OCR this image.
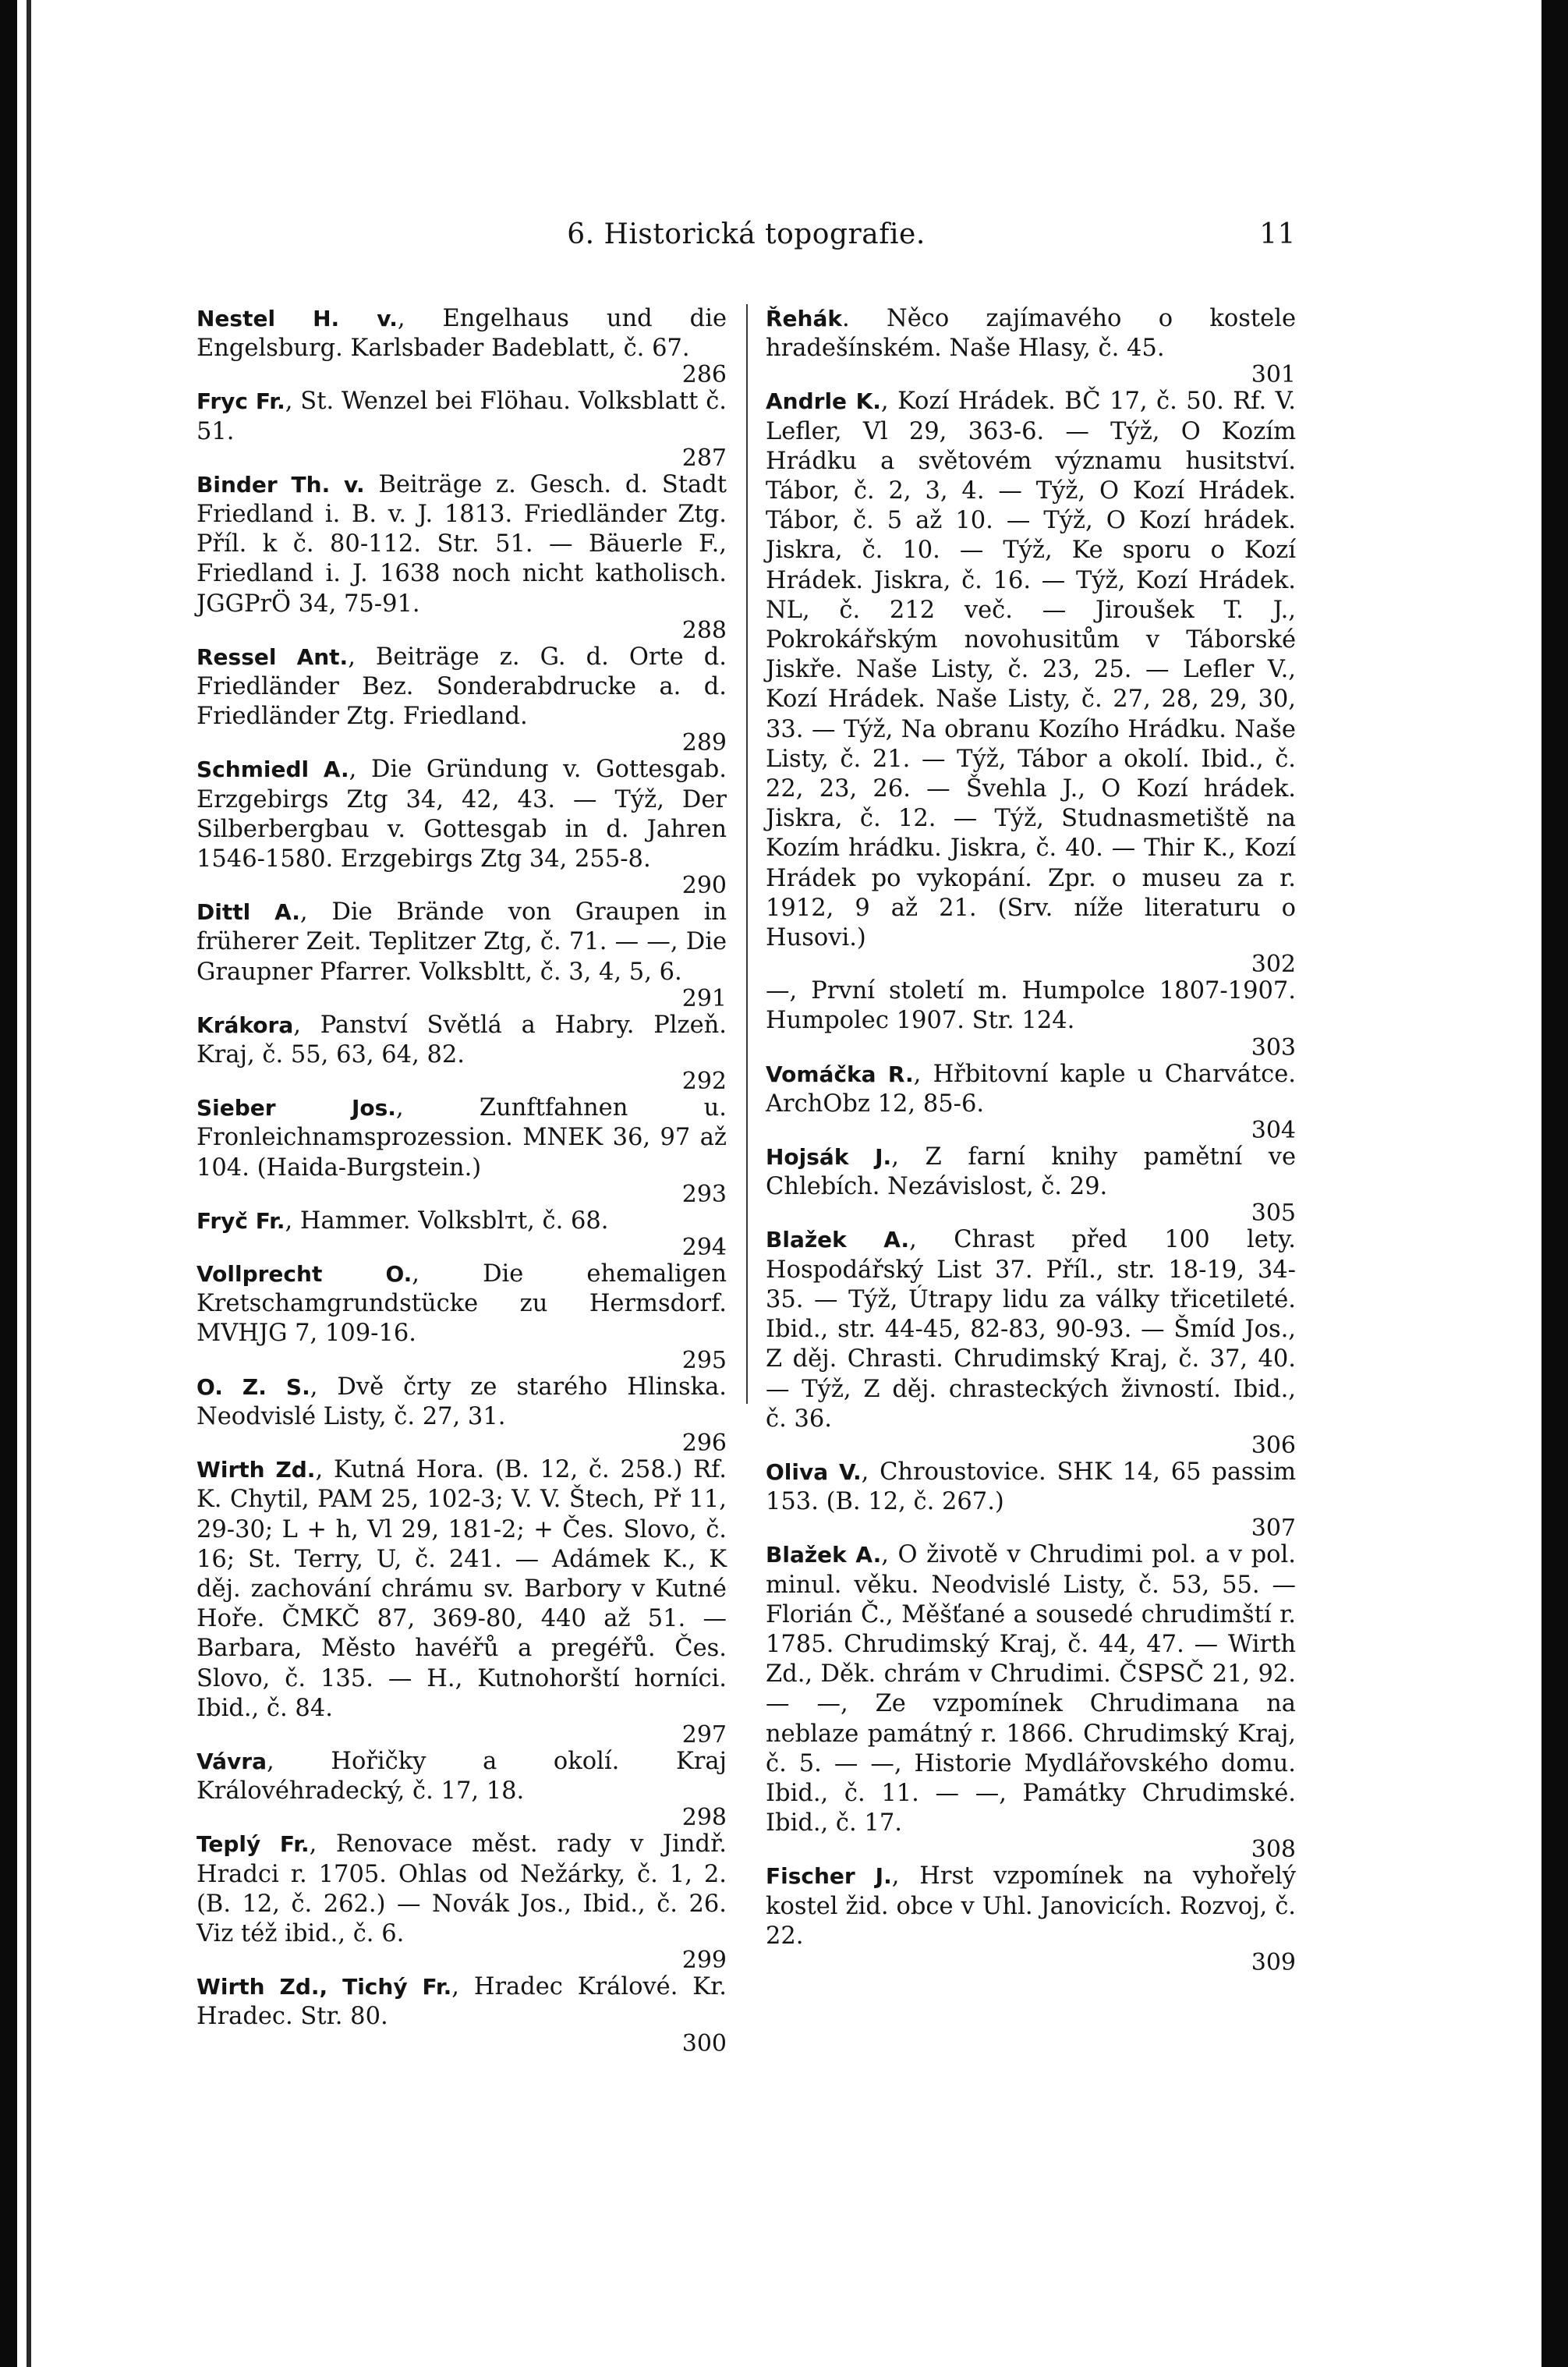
6. Historická topografie.	11

Nestel H. v., Engelhaus und die Engelsburg. Karlsbader Badeblatt, č. 67.
286

Fryc Fr., St. Wenzel bei Flöhau. Volksblatt č. 51.
287

Binder Th. v. Beiträge z. Gesch. d. Stadt Friedland i. B. v. J. 1813. Friedländer Ztg. Příl. k č. 80-112. Str. 51. — Bäuerle F., Friedland i. J. 1638 noch nicht katholisch. JGGPrÖ 34, 75-91.
288

Ressel Ant., Beiträge z. G. d. Orte d. Friedländer Bez. Sonderabdrucke a. d. Friedländer Ztg. Friedland.
289

Schmiedl A., Die Gründung v. Gottesgab. Erzgebirgs Ztg 34, 42, 43. — Týž, Der Silberbergbau v. Gottesgab in d. Jahren 1546-1580. Erzgebirgs Ztg 34, 255-8.
290

Dittl A., Die Brände von Graupen in früherer Zeit. Teplitzer Ztg, č. 71. — —, Die Graupner Pfarrer. Volksbltt, č. 3, 4, 5, 6.
291

Krákora, Panství Světlá a Habry. Plzeň. Kraj, č. 55, 63, 64, 82.
292

Sieber Jos., Zunftfahnen u. Fronleichnamsprozession. MNEK 36, 97 až 104. (Haida-Burgstein.)
293

Fryč Fr., Hammer. Volksblтt, č. 68.
294

Vollprecht O., Die ehemaligen Kretschamgrundstücke zu Hermsdorf. MVHJG 7, 109-16.
295

O. Z. S., Dvě črty ze starého Hlinska. Neodvislé Listy, č. 27, 31.
296

Wirth Zd., Kutná Hora. (B. 12, č. 258.) Rf. K. Chytil, PAM 25, 102-3; V. V. Štech, Př 11, 29-30; L + h, Vl 29, 181-2; + Čes. Slovo, č. 16; St. Terry, U, č. 241. — Adámek K., K děj. zachování chrámu sv. Barbory v Kutné Hoře. ČMKČ 87, 369-80, 440 až 51. — Barbara, Město havéřů a pregéřů. Čes. Slovo, č. 135. — H., Kutnohorští horníci. Ibid., č. 84.
297

Vávra, Hořičky a okolí. Kraj Královéhradecký, č. 17, 18.
298

Teplý Fr., Renovace měst. rady v Jindř. Hradci r. 1705. Ohlas od Nežárky, č. 1, 2. (B. 12, č. 262.) — Novák Jos., Ibid., č. 26. Viz též ibid., č. 6.
299

Wirth Zd., Tichý Fr., Hradec Králové. Kr. Hradec. Str. 80.
300

Řehák. Něco zajímavého o kostele hradešínském. Naše Hlasy, č. 45.
301

Andrle K., Kozí Hrádek. BČ 17, č. 50. Rf. V. Lefler, Vl 29, 363-6. — Týž, O Kozím Hrádku a světovém významu husitství. Tábor, č. 2, 3, 4. — Týž, O Kozí Hrádek. Tábor, č. 5 až 10. — Týž, O Kozí hrádek. Jiskra, č. 10. — Týž, Ke sporu o Kozí Hrádek. Jiskra, č. 16. — Týž, Kozí Hrádek. NL, č. 212 več. — Jiroušek T. J., Pokrokářským novohusitům v Táborské Jiskře. Naše Listy, č. 23, 25. — Lefler V., Kozí Hrádek. Naše Listy, č. 27, 28, 29, 30, 33. — Týž, Na obranu Kozího Hrádku. Naše Listy, č. 21. — Týž, Tábor a okolí. Ibid., č. 22, 23, 26. — Švehla J., O Kozí hrádek. Jiskra, č. 12. — Týž, Studnasmetiště na Kozím hrádku. Jiskra, č. 40. — Thir K., Kozí Hrádek po vykopání. Zpr. o museu za r. 1912, 9 až 21. (Srv. níže literaturu o Husovi.)
302

—, První století m. Humpolce 1807-1907. Humpolec 1907. Str. 124.
303

Vomáčka R., Hřbitovní kaple u Charvátce. ArchObz 12, 85-6.
304

Hojsák J., Z farní knihy pamětní ve Chlebích. Nezávislost, č. 29.
305

Blažek A., Chrast před 100 lety. Hospodářský List 37. Příl., str. 18-19, 34-35. — Týž, Útrapy lidu za války třicetileté. Ibid., str. 44-45, 82-83, 90-93. — Šmíd Jos., Z děj. Chrasti. Chrudimský Kraj, č. 37, 40. — Týž, Z děj. chrasteckých živností. Ibid., č. 36.
306

Oliva V., Chroustovice. SHK 14, 65 passim 153. (B. 12, č. 267.)
307

Blažek A., O životě v Chrudimi pol. a v pol. minul. věku. Neodvislé Listy, č. 53, 55. — Florián Č., Měšťané a sousedé chrudimští r. 1785. Chrudimský Kraj, č. 44, 47. — Wirth Zd., Děk. chrám v Chrudimi. ČSPSČ 21, 92. — —, Ze vzpomínek Chrudimana na neblaze památný r. 1866. Chrudimský Kraj, č. 5. — —, Historie Mydlářovského domu. Ibid., č. 11. — —, Památky Chrudimské. Ibid., č. 17.
308

Fischer J., Hrst vzpomínek na vyhořelý kostel žid. obce v Uhl. Janovicích. Rozvoj, č. 22.
309
